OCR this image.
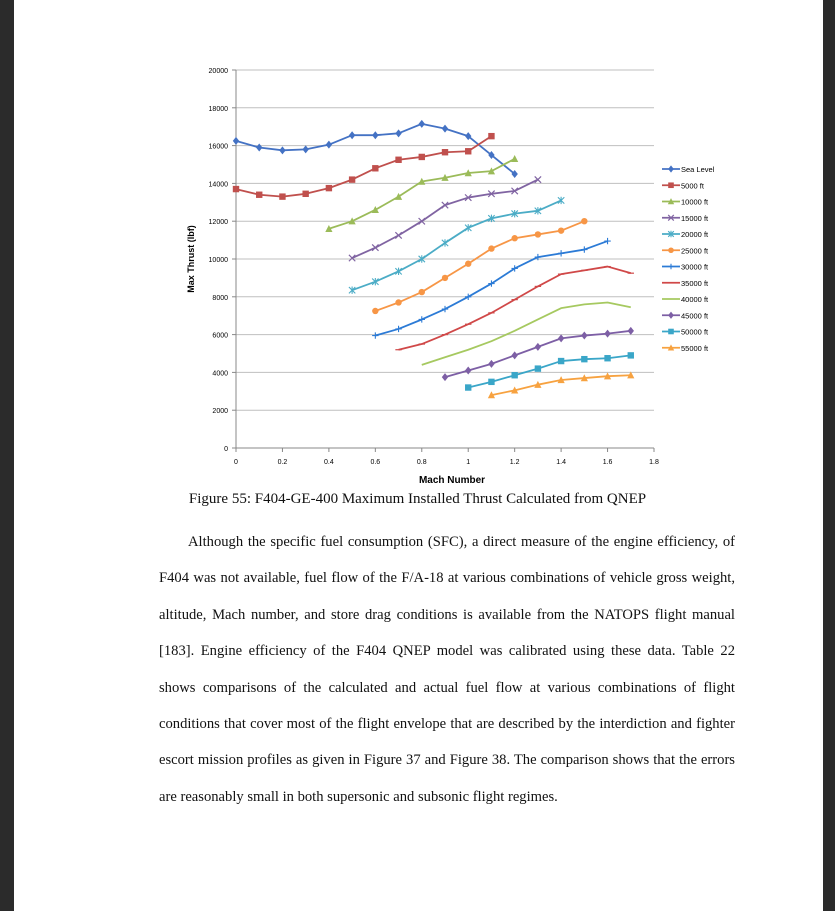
0
2000
4000
6000
8000
10000
12000
14000
16000
18000
20000
0	0.2	0.4	0.6	0.8	1	1.2	1.4	1.6	1.8
Sea Level
5000 ft
10000 ft
15000 ft
20000 ft
25000 ft
30000 ft
35000 ft
40000 ft
45000 ft
50000 ft
55000 ft
Mach Number
Max Thrust (lbf)
Figure 55: F404-GE-400 Maximum Installed Thrust Calculated from QNEP

Although the specific fuel consumption (SFC), a direct measure of the engine efficiency, of F404 was not available, fuel flow of the F/A-18 at various combinations of vehicle gross weight, altitude, Mach number, and store drag conditions is available from the NATOPS flight manual [183]. Engine efficiency of the F404 QNEP model was calibrated using these data. Table 22 shows comparisons of the calculated and actual fuel flow at various combinations of flight conditions that cover most of the flight envelope that are described by the interdiction and fighter escort mission profiles as given in Figure 37 and Figure 38. The comparison shows that the errors are reasonably small in both supersonic and subsonic flight regimes.
